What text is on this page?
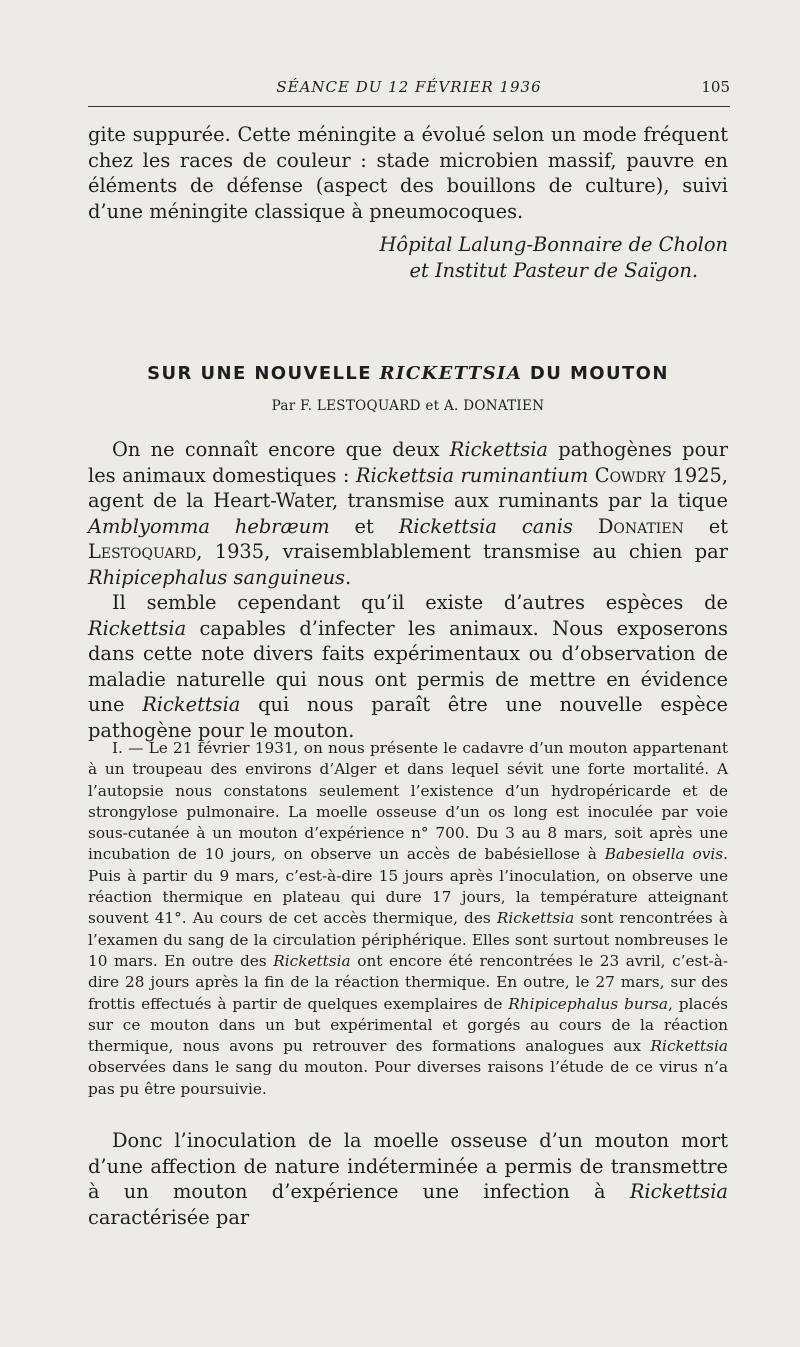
SÉANCE DU 12 FÉVRIER 1936	105

gite suppurée. Cette méningite a évolué selon un mode fréquent chez les races de couleur : stade microbien massif, pauvre en éléments de défense (aspect des bouillons de culture), suivi d’une méningite classique à pneumocoques.

Hôpital Lalung-Bonnaire de Cholon
et Institut Pasteur de Saïgon.
SUR UNE NOUVELLE RICKETTSIA DU MOUTON
Par F. LESTOQUARD et A. DONATIEN

On ne connaît encore que deux Rickettsia pathogènes pour les animaux domestiques : Rickettsia ruminantium Cowdry 1925, agent de la Heart-Water, transmise aux ruminants par la tique Amblyomma hebræum et Rickettsia canis Donatien et Lestoquard, 1935, vraisemblablement transmise au chien par Rhipicephalus sanguineus.

Il semble cependant qu’il existe d’autres espèces de Rickettsia capables d’infecter les animaux. Nous exposerons dans cette note divers faits expérimentaux ou d’observation de maladie naturelle qui nous ont permis de mettre en évidence une Rickettsia qui nous paraît être une nouvelle espèce pathogène pour le mouton.

I. — Le 21 février 1931, on nous présente le cadavre d’un mouton appartenant à un troupeau des environs d’Alger et dans lequel sévit une forte mortalité. A l’autopsie nous constatons seulement l’existence d’un hydropéricarde et de strongylose pulmonaire. La moelle osseuse d’un os long est inoculée par voie sous-cutanée à un mouton d’expérience n° 700. Du 3 au 8 mars, soit après une incubation de 10 jours, on observe un accès de babésiellose à Babesiella ovis. Puis à partir du 9 mars, c’est-à-dire 15 jours après l’inoculation, on observe une réaction thermique en plateau qui dure 17 jours, la température atteignant souvent 41°. Au cours de cet accès thermique, des Rickettsia sont rencontrées à l’examen du sang de la circulation périphérique. Elles sont surtout nombreuses le 10 mars. En outre des Rickettsia ont encore été rencontrées le 23 avril, c’est-à-dire 28 jours après la fin de la réaction thermique. En outre, le 27 mars, sur des frottis effectués à partir de quelques exemplaires de Rhipicephalus bursa, placés sur ce mouton dans un but expérimental et gorgés au cours de la réaction thermique, nous avons pu retrouver des formations analogues aux Rickettsia observées dans le sang du mouton. Pour diverses raisons l’étude de ce virus n’a pas pu être poursuivie.

Donc l’inoculation de la moelle osseuse d’un mouton mort d’une affection de nature indéterminée a permis de transmettre à un mouton d’expérience une infection à Rickettsia caractérisée par
